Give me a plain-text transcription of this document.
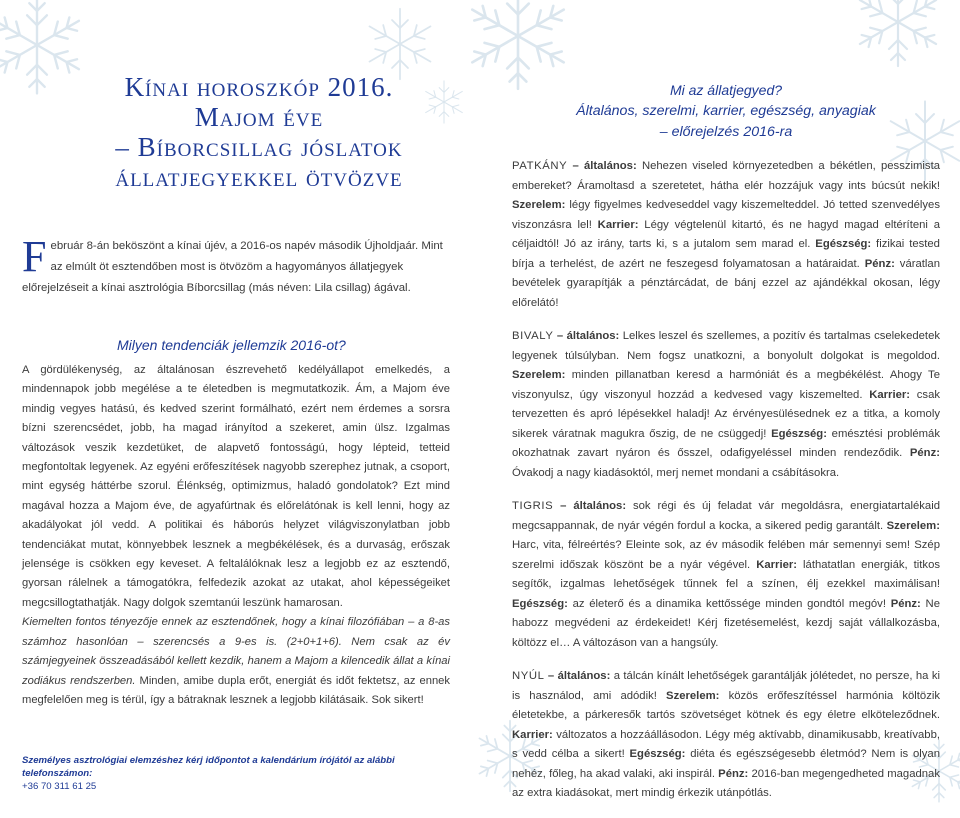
Kínai horoszkóp 2016.
Majom éve
– Bíborcsillag jóslatok
állatjegyekkel ötvözve
Február 8-án beköszönt a kínai újév, a 2016-os napév második Újholdjaár. Mint az elmúlt öt esztendőben most is ötvözöm a hagyományos állatjegyek előrejelzéseit a kínai asztrológia Bíborcsillag (más néven: Lila csillag) ágával.
Milyen tendenciák jellemzik 2016-ot?

A gördülékenység, az általánosan észrevehető kedélyállapot emelkedés, a mindennapok jobb megélése a te életedben is megmutatkozik. Ám, a Majom éve mindig vegyes hatású, és kedved szerint formálható, ezért nem érdemes a sorsra bízni szerencsédet, jobb, ha magad irányítod a szekeret, amin ülsz. Izgalmas változások veszik kezdetüket, de alapvető fontosságú, hogy lépteid, tetteid megfontoltak legyenek. Az egyéni erőfeszítések nagyobb szerephez jutnak, a csoport, mint egység háttérbe szorul. Élénkség, optimizmus, haladó gondolatok? Ezt mind magával hozza a Majom éve, de agyafúrtnak és előrelátónak is kell lenni, hogy az akadályokat jól vedd. A politikai és háborús helyzet világviszonylatban jobb tendenciákat mutat, könnyebbek lesznek a megbékélések, és a durvaság, erőszak jelensége is csökken egy keveset. A feltalálóknak lesz a legjobb ez az esztendő, gyorsan rálelnek a támogatókra, felfedezik azokat az utakat, ahol képességeiket megcsillogtathatják. Nagy dolgok szemtanúi leszünk hamarosan.

Kiemelten fontos tényezője ennek az esztendőnek, hogy a kínai filozófiában – a 8-as számhoz hasonlóan – szerencsés a 9-es is. (2+0+1+6). Nem csak az év számjegyeinek összeadásából kellett kezdik, hanem a Majom a kilencedik állat a kínai zodiákus rendszerben. Minden, amibe dupla erőt, energiát és időt fektetsz, az ennek megfelelően meg is térül, így a bátraknak lesznek a legjobb kilátásaik. Sok sikert!

Személyes asztrológiai elemzéshez kérj időpontot a kalendárium írójától az alábbi telefonszámon:
+36 70 311 61 25
Mi az állatjegyed?
Általános, szerelmi, karrier, egészség, anyagiak
– előrejelzés 2016-ra

PATKÁNY – általános: Nehezen viseled környezetedben a békétlen, pesszimista embereket? Áramoltasd a szeretetet, hátha elér hozzájuk vagy ints búcsút nekik! Szerelem: légy figyelmes kedveseddel vagy kiszemelteddel. Jó tetted szenvedélyes viszonzásra lel! Karrier: Légy végtelenül kitartó, és ne hagyd magad eltéríteni a céljaidtól! Jó az irány, tarts ki, s a jutalom sem marad el. Egészség: fizikai tested bírja a terhelést, de azért ne feszegesd folyamatosan a határaidat. Pénz: váratlan bevételek gyarapítják a pénztárcádat, de bánj ezzel az ajándékkal okosan, légy előrelátó!

BIVALY – általános: Lelkes leszel és szellemes, a pozitív és tartalmas cselekedetek legyenek túlsúlyban. Nem fogsz unatkozni, a bonyolult dolgokat is megoldod. Szerelem: minden pillanatban keresd a harmóniát és a megbékélést. Ahogy Te viszonyulsz, úgy viszonyul hozzád a kedvesed vagy kiszemelted. Karrier: csak tervezetten és apró lépésekkel haladj! Az érvényesülésednek ez a titka, a komoly sikerek váratnak magukra őszig, de ne csüggedj! Egészség: emésztési problémák okozhatnak zavart nyáron és ősszel, odafigyeléssel minden rendeződik. Pénz: Óvakodj a nagy kiadásoktól, merj nemet mondani a csábításokra.

TIGRIS – általános: sok régi és új feladat vár megoldásra, energiatartalékaid megcsappannak, de nyár végén fordul a kocka, a sikered pedig garantált. Szerelem: Harc, vita, félreértés? Eleinte sok, az év második felében már semennyi sem! Szép szerelmi időszak köszönt be a nyár végével. Karrier: láthatatlan energiák, titkos segítők, izgalmas lehetőségek tűnnek fel a színen, élj ezekkel maximálisan! Egészség: az életerő és a dinamika kettőssége minden gondtól megóv! Pénz: Ne habozz megvédeni az érdekeidet! Kérj fizetésemelést, kezdj saját vállalkozásba, költözz el… A változáson van a hangsúly.

NYÚL – általános: a tálcán kínált lehetőségek garantálják jólétedet, no persze, ha ki is használod, ami adódik! Szerelem: közös erőfeszítéssel harmónia költözik életetekbe, a párkeresők tartós szövetséget kötnek és egy életre elköteleződnek. Karrier: változatos a hozzáállásodon. Légy még aktívabb, dinamikusabb, kreatívabb, s vedd célba a sikert! Egészség: diéta és egészségesebb életmód? Nem is olyan nehéz, főleg, ha akad valaki, aki inspirál. Pénz: 2016-ban megengedheted magadnak az extra kiadásokat, mert mindig érkezik utánpótlás.
